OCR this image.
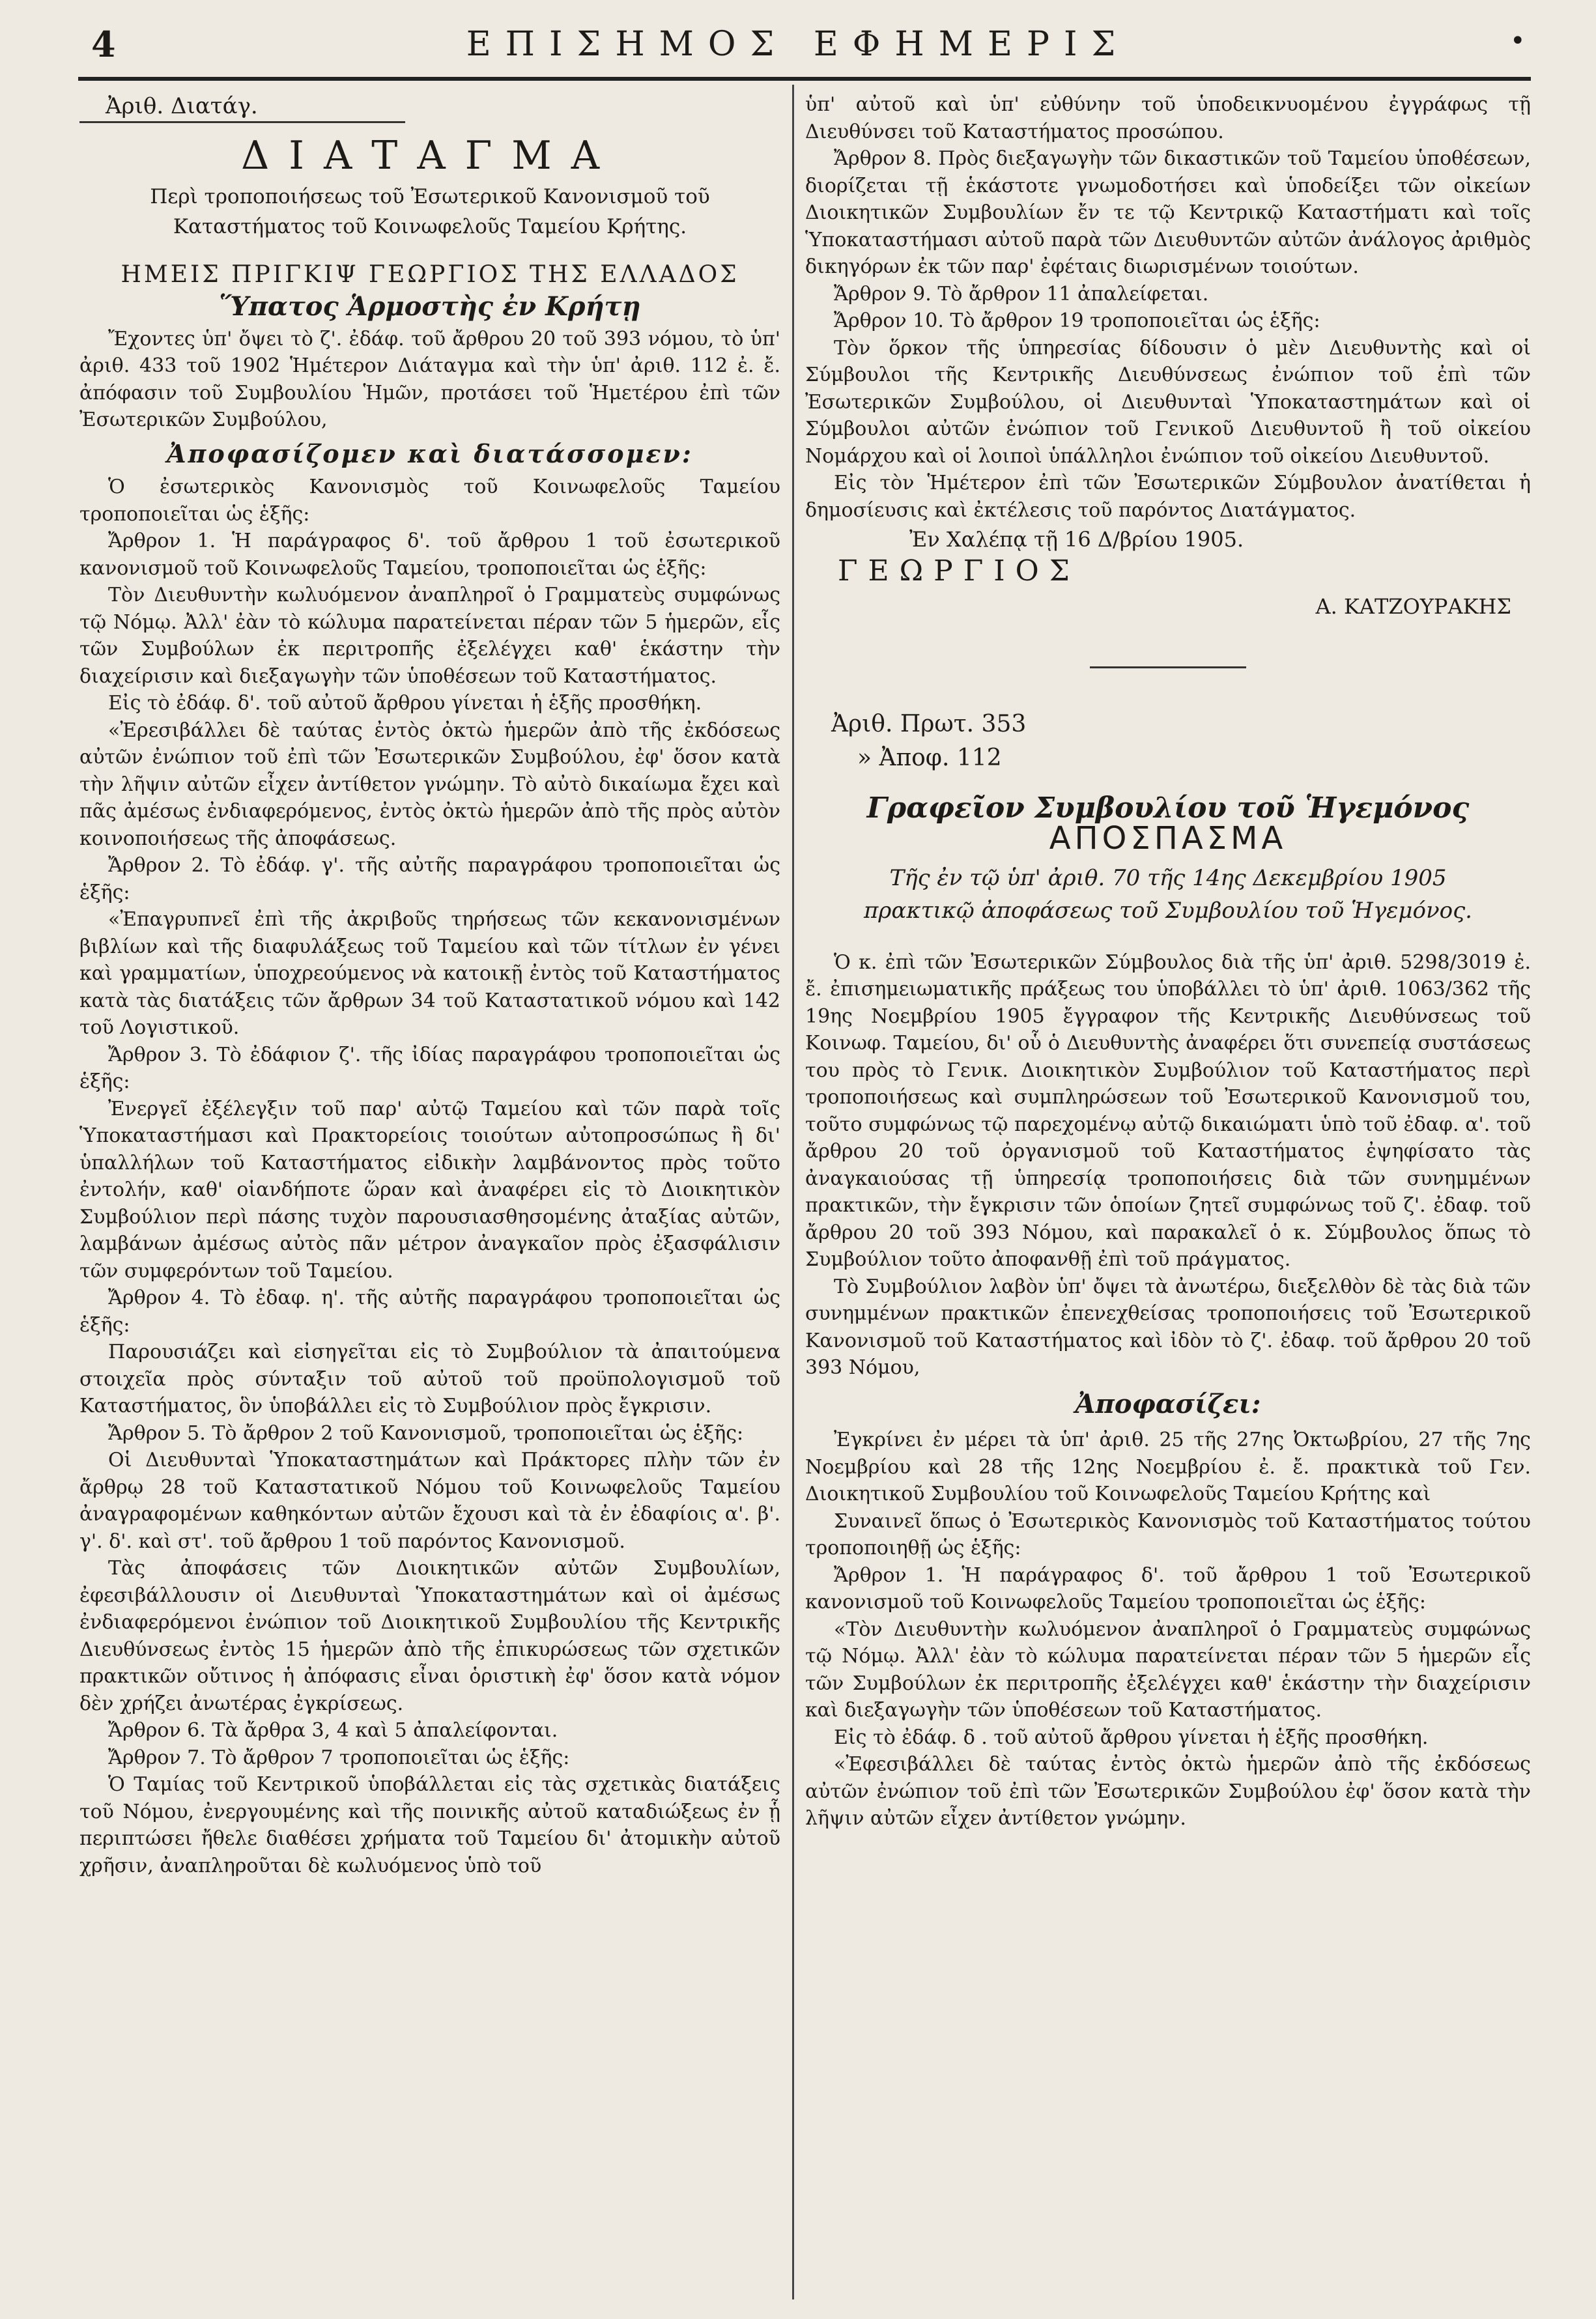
4	ΕΠΙΣΗΜΟΣ ΕΦΗΜΕΡΙΣ	•
Ἀριθ. Διατάγ.
ΔΙΑΤΑΓΜΑ
Περὶ τροποποιήσεως τοῦ Ἐσωτερικοῦ Κανονισμοῦ τοῦ Καταστήματος τοῦ Κοινωφελοῦς Ταμείου Κρήτης.
ΗΜΕΙΣ ΠΡΙΓΚΙΨ ΓΕΩΡΓΙΟΣ ΤΗΣ ΕΛΛΑΔΟΣ
Ὕπατος Ἁρμοστὴς ἐν Κρήτῃ

Ἔχοντες ὑπ' ὄψει τὸ ζ'. ἐδάφ. τοῦ ἄρθρου 20 τοῦ 393 νόμου, τὸ ὑπ' ἀριθ. 433 τοῦ 1902 Ἡμέτερον Διάταγμα καὶ τὴν ὑπ' ἀριθ. 112 ἐ. ἔ. ἀπόφασιν τοῦ Συμβουλίου Ἡμῶν, προτάσει τοῦ Ἡμετέρου ἐπὶ τῶν Ἐσωτερικῶν Συμβούλου,

Ἀποφασίζομεν καὶ διατάσσομεν:

Ὁ ἐσωτερικὸς Κανονισμὸς τοῦ Κοινωφελοῦς Ταμείου τροποποιεῖται ὡς ἑξῆς:

Ἄρθρον 1. Ἡ παράγραφος δ'. τοῦ ἄρθρου 1 τοῦ ἐσωτερικοῦ κανονισμοῦ τοῦ Κοινωφελοῦς Ταμείου, τροποποιεῖται ὡς ἑξῆς:

Τὸν Διευθυντὴν κωλυόμενον ἀναπληροῖ ὁ Γραμματεὺς συμφώνως τῷ Νόμῳ. Ἀλλ' ἐὰν τὸ κώλυμα παρατείνεται πέραν τῶν 5 ἡμερῶν, εἷς τῶν Συμβούλων ἐκ περιτροπῆς ἐξελέγχει καθ' ἑκάστην τὴν διαχείρισιν καὶ διεξαγωγὴν τῶν ὑποθέσεων τοῦ Καταστήματος.

Εἰς τὸ ἐδάφ. δ'. τοῦ αὐτοῦ ἄρθρου γίνεται ἡ ἑξῆς προσθήκη.

«Ἐρεσιβάλλει δὲ ταύτας ἐντὸς ὀκτὼ ἡμερῶν ἀπὸ τῆς ἐκδόσεως αὐτῶν ἐνώπιον τοῦ ἐπὶ τῶν Ἐσωτερικῶν Συμβούλου, ἐφ' ὅσον κατὰ τὴν λῆψιν αὐτῶν εἶχεν ἀντίθετον γνώμην. Τὸ αὐτὸ δικαίωμα ἔχει καὶ πᾶς ἀμέσως ἐνδιαφερόμενος, ἐντὸς ὀκτὼ ἡμερῶν ἀπὸ τῆς πρὸς αὐτὸν κοινοποιήσεως τῆς ἀποφάσεως.

Ἄρθρον 2. Τὸ ἐδάφ. γ'. τῆς αὐτῆς παραγράφου τροποποιεῖται ὡς ἑξῆς:

«Ἐπαγρυπνεῖ ἐπὶ τῆς ἀκριβοῦς τηρήσεως τῶν κεκανονισμένων βιβλίων καὶ τῆς διαφυλάξεως τοῦ Ταμείου καὶ τῶν τίτλων ἐν γένει καὶ γραμματίων, ὑποχρεούμενος νὰ κατοικῇ ἐντὸς τοῦ Καταστήματος κατὰ τὰς διατάξεις τῶν ἄρθρων 34 τοῦ Καταστατικοῦ νόμου καὶ 142 τοῦ Λογιστικοῦ.

Ἄρθρον 3. Τὸ ἐδάφιον ζ'. τῆς ἰδίας παραγράφου τροποποιεῖται ὡς ἑξῆς:

Ἐνεργεῖ ἐξέλεγξιν τοῦ παρ' αὐτῷ Ταμείου καὶ τῶν παρὰ τοῖς Ὑποκαταστήμασι καὶ Πρακτορείοις τοιούτων αὐτοπροσώπως ἢ δι' ὑπαλλήλων τοῦ Καταστήματος εἰδικὴν λαμβάνοντος πρὸς τοῦτο ἐντολήν, καθ' οἱανδήποτε ὥραν καὶ ἀναφέρει εἰς τὸ Διοικητικὸν Συμβούλιον περὶ πάσης τυχὸν παρουσιασθησομένης ἀταξίας αὐτῶν, λαμβάνων ἀμέσως αὐτὸς πᾶν μέτρον ἀναγκαῖον πρὸς ἐξασφάλισιν τῶν συμφερόντων τοῦ Ταμείου.

Ἄρθρον 4. Τὸ ἐδαφ. η'. τῆς αὐτῆς παραγράφου τροποποιεῖται ὡς ἑξῆς:

Παρουσιάζει καὶ εἰσηγεῖται εἰς τὸ Συμβούλιον τὰ ἀπαιτούμενα στοιχεῖα πρὸς σύνταξιν τοῦ αὐτοῦ τοῦ προϋπολογισμοῦ τοῦ Καταστήματος, ὃν ὑποβάλλει εἰς τὸ Συμβούλιον πρὸς ἔγκρισιν.

Ἄρθρον 5. Τὸ ἄρθρον 2 τοῦ Κανονισμοῦ, τροποποιεῖται ὡς ἑξῆς:

Οἱ Διευθυνταὶ Ὑποκαταστημάτων καὶ Πράκτορες πλὴν τῶν ἐν ἄρθρῳ 28 τοῦ Καταστατικοῦ Νόμου τοῦ Κοινωφελοῦς Ταμείου ἀναγραφομένων καθηκόντων αὐτῶν ἔχουσι καὶ τὰ ἐν ἐδαφίοις α'. β'. γ'. δ'. καὶ στ'. τοῦ ἄρθρου 1 τοῦ παρόντος Κανονισμοῦ.

Τὰς ἀποφάσεις τῶν Διοικητικῶν αὐτῶν Συμβουλίων, ἐφεσιβάλλουσιν οἱ Διευθυνταὶ Ὑποκαταστημάτων καὶ οἱ ἀμέσως ἐνδιαφερόμενοι ἐνώπιον τοῦ Διοικητικοῦ Συμβουλίου τῆς Κεντρικῆς Διευθύνσεως ἐντὸς 15 ἡμερῶν ἀπὸ τῆς ἐπικυρώσεως τῶν σχετικῶν πρακτικῶν οὔτινος ἡ ἀπόφασις εἶναι ὁριστικὴ ἐφ' ὅσον κατὰ νόμον δὲν χρήζει ἀνωτέρας ἐγκρίσεως.

Ἄρθρον 6. Τὰ ἄρθρα 3, 4 καὶ 5 ἀπαλείφονται.

Ἄρθρον 7. Τὸ ἄρθρον 7 τροποποιεῖται ὡς ἑξῆς:

Ὁ Ταμίας τοῦ Κεντρικοῦ ὑποβάλλεται εἰς τὰς σχετικὰς διατάξεις τοῦ Νόμου, ἐνεργουμένης καὶ τῆς ποινικῆς αὐτοῦ καταδιώξεως ἐν ᾗ περιπτώσει ἤθελε διαθέσει χρήματα τοῦ Ταμείου δι' ἀτομικὴν αὐτοῦ χρῆσιν, ἀναπληροῦται δὲ κωλυόμενος ὑπὸ τοῦ

ὑπ' αὐτοῦ καὶ ὑπ' εὐθύνην τοῦ ὑποδεικνυομένου ἐγγράφως τῇ Διευθύνσει τοῦ Καταστήματος προσώπου.

Ἄρθρον 8. Πρὸς διεξαγωγὴν τῶν δικαστικῶν τοῦ Ταμείου ὑποθέσεων, διορίζεται τῇ ἑκάστοτε γνωμοδοτήσει καὶ ὑποδείξει τῶν οἰκείων Διοικητικῶν Συμβουλίων ἔν τε τῷ Κεντρικῷ Καταστήματι καὶ τοῖς Ὑποκαταστήμασι αὐτοῦ παρὰ τῶν Διευθυντῶν αὐτῶν ἀνάλογος ἀριθμὸς δικηγόρων ἐκ τῶν παρ' ἐφέταις διωρισμένων τοιούτων.

Ἄρθρον 9. Τὸ ἄρθρον 11 ἀπαλείφεται.

Ἄρθρον 10. Τὸ ἄρθρον 19 τροποποιεῖται ὡς ἑξῆς:

Τὸν ὅρκον τῆς ὑπηρεσίας δίδουσιν ὁ μὲν Διευθυντὴς καὶ οἱ Σύμβουλοι τῆς Κεντρικῆς Διευθύνσεως ἐνώπιον τοῦ ἐπὶ τῶν Ἐσωτερικῶν Συμβούλου, οἱ Διευθυνταὶ Ὑποκαταστημάτων καὶ οἱ Σύμβουλοι αὐτῶν ἐνώπιον τοῦ Γενικοῦ Διευθυντοῦ ἢ τοῦ οἰκείου Νομάρχου καὶ οἱ λοιποὶ ὑπάλληλοι ἐνώπιον τοῦ οἰκείου Διευθυντοῦ.

Εἰς τὸν Ἡμέτερον ἐπὶ τῶν Ἐσωτερικῶν Σύμβουλον ἀνατίθεται ἡ δημοσίευσις καὶ ἐκτέλεσις τοῦ παρόντος Διατάγματος.

Ἐν Χαλέπᾳ τῇ 16 Δ/βρίου 1905.
ΓΕΩΡΓΙΟΣ
Α. ΚΑΤΖΟΥΡΑΚΗΣ
Ἀριθ. Πρωτ. 353
» Ἀποφ. 112
Γραφεῖον Συμβουλίου τοῦ Ἡγεμόνος
ΑΠΟΣΠΑΣΜΑ
Τῆς ἐν τῷ ὑπ' ἀριθ. 70 τῆς 14ης Δεκεμβρίου 1905 πρακτικῷ ἀποφάσεως τοῦ Συμβουλίου τοῦ Ἡγεμόνος.

Ὁ κ. ἐπὶ τῶν Ἐσωτερικῶν Σύμβουλος διὰ τῆς ὑπ' ἀριθ. 5298/3019 ἐ. ἔ. ἐπισημειωματικῆς πράξεως του ὑποβάλλει τὸ ὑπ' ἀριθ. 1063/362 τῆς 19ης Νοεμβρίου 1905 ἔγγραφον τῆς Κεντρικῆς Διευθύνσεως τοῦ Κοινωφ. Ταμείου, δι' οὗ ὁ Διευθυντὴς ἀναφέρει ὅτι συνεπείᾳ συστάσεως του πρὸς τὸ Γενικ. Διοικητικὸν Συμβούλιον τοῦ Καταστήματος περὶ τροποποιήσεως καὶ συμπληρώσεων τοῦ Ἐσωτερικοῦ Κανονισμοῦ του, τοῦτο συμφώνως τῷ παρεχομένῳ αὐτῷ δικαιώματι ὑπὸ τοῦ ἐδαφ. α'. τοῦ ἄρθρου 20 τοῦ ὀργανισμοῦ τοῦ Καταστήματος ἐψηφίσατο τὰς ἀναγκαιούσας τῇ ὑπηρεσίᾳ τροποποιήσεις διὰ τῶν συνημμένων πρακτικῶν, τὴν ἔγκρισιν τῶν ὁποίων ζητεῖ συμφώνως τοῦ ζ'. ἐδαφ. τοῦ ἄρθρου 20 τοῦ 393 Νόμου, καὶ παρακαλεῖ ὁ κ. Σύμβουλος ὅπως τὸ Συμβούλιον τοῦτο ἀποφανθῇ ἐπὶ τοῦ πράγματος.

Τὸ Συμβούλιον λαβὸν ὑπ' ὄψει τὰ ἀνωτέρω, διεξελθὸν δὲ τὰς διὰ τῶν συνημμένων πρακτικῶν ἐπενεχθείσας τροποποιήσεις τοῦ Ἐσωτερικοῦ Κανονισμοῦ τοῦ Καταστήματος καὶ ἰδὸν τὸ ζ'. ἐδαφ. τοῦ ἄρθρου 20 τοῦ 393 Νόμου,

Ἀποφασίζει:

Ἐγκρίνει ἐν μέρει τὰ ὑπ' ἀριθ. 25 τῆς 27ης Ὀκτωβρίου, 27 τῆς 7ης Νοεμβρίου καὶ 28 τῆς 12ης Νοεμβρίου ἐ. ἔ. πρακτικὰ τοῦ Γεν. Διοικητικοῦ Συμβουλίου τοῦ Κοινωφελοῦς Ταμείου Κρήτης καὶ

Συναινεῖ ὅπως ὁ Ἐσωτερικὸς Κανονισμὸς τοῦ Καταστήματος τούτου τροποποιηθῇ ὡς ἑξῆς:

Ἄρθρον 1. Ἡ παράγραφος δ'. τοῦ ἄρθρου 1 τοῦ Ἐσωτερικοῦ κανονισμοῦ τοῦ Κοινωφελοῦς Ταμείου τροποποιεῖται ὡς ἑξῆς:

«Τὸν Διευθυντὴν κωλυόμενον ἀναπληροῖ ὁ Γραμματεὺς συμφώνως τῷ Νόμῳ. Ἀλλ' ἐὰν τὸ κώλυμα παρατείνεται πέραν τῶν 5 ἡμερῶν εἷς τῶν Συμβούλων ἐκ περιτροπῆς ἐξελέγχει καθ' ἑκάστην τὴν διαχείρισιν καὶ διεξαγωγὴν τῶν ὑποθέσεων τοῦ Καταστήματος.

Εἰς τὸ ἐδάφ. δ . τοῦ αὐτοῦ ἄρθρου γίνεται ἡ ἑξῆς προσθήκη.

«Ἐφεσιβάλλει δὲ ταύτας ἐντὸς ὀκτὼ ἡμερῶν ἀπὸ τῆς ἐκδόσεως αὐτῶν ἐνώπιον τοῦ ἐπὶ τῶν Ἐσωτερικῶν Συμβούλου ἐφ' ὅσον κατὰ τὴν λῆψιν αὐτῶν εἶχεν ἀντίθετον γνώμην.
